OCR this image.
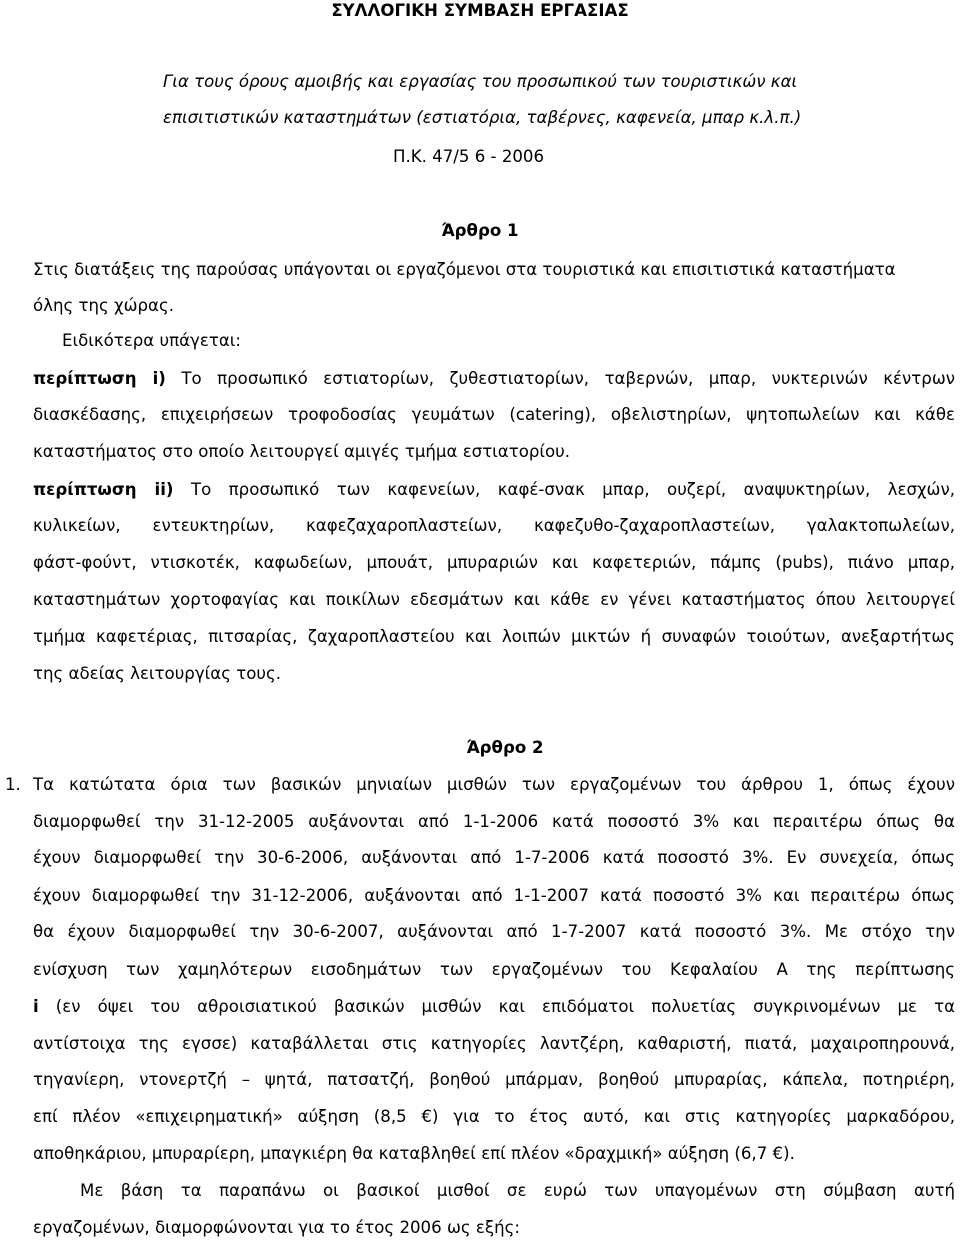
ΣΥΛΛΟΓΙΚΗ ΣΥΜΒΑΣΗ ΕΡΓΑΣΙΑΣ
Για τους όρους αμοιβής και εργασίας του προσωπικού των τουριστικών και
επισιτιστικών καταστημάτων (εστιατόρια, ταβέρνες, καφενεία, μπαρ κ.λ.π.)
Π.Κ. 47/5 6 - 2006
Άρθρο 1
Στις διατάξεις της παρούσας υπάγονται οι εργαζόμενοι στα τουριστικά και επισιτιστικά καταστήματα
όλης της χώρας.
Ειδικότερα υπάγεται:
περίπτωση i) Το προσωπικό εστιατορίων, ζυθεστιατορίων, ταβερνών, μπαρ, νυκτερινών κέντρων
διασκέδασης, επιχειρήσεων τροφοδοσίας γευμάτων (catering), οβελιστηρίων, ψητοπωλείων και κάθε
καταστήματος στο οποίο λειτουργεί αμιγές τμήμα εστιατορίου.
περίπτωση ii) Το προσωπικό των καφενείων, καφέ-σνακ μπαρ, ουζερί, αναψυκτηρίων, λεσχών,
κυλικείων, εντευκτηρίων, καφεζαχαροπλαστείων, καφεζυθο-ζαχαροπλαστείων, γαλακτοπωλείων,
φάστ-φούντ, ντισκοτέκ, καφωδείων, μπουάτ, μπυραριών και καφετεριών, πάμπς (pubs), πιάνο μπαρ,
καταστημάτων χορτοφαγίας και ποικίλων εδεσμάτων και κάθε εν γένει καταστήματος όπου λειτουργεί
τμήμα καφετέριας, πιτσαρίας, ζαχαροπλαστείου και λοιπών μικτών ή συναφών τοιούτων, ανεξαρτήτως
της αδείας λειτουργίας τους.
Άρθρο 2
1. Τα κατώτατα όρια των βασικών μηνιαίων μισθών των εργαζομένων του άρθρου 1, όπως έχουν
διαμορφωθεί την 31-12-2005 αυξάνονται από 1-1-2006 κατά ποσοστό 3% και περαιτέρω όπως θα
έχουν διαμορφωθεί την 30-6-2006, αυξάνονται από 1-7-2006 κατά ποσοστό 3%. Εν συνεχεία, όπως
έχουν διαμορφωθεί την 31-12-2006, αυξάνονται από 1-1-2007 κατά ποσοστό 3% και περαιτέρω όπως
θα έχουν διαμορφωθεί την 30-6-2007, αυξάνονται από 1-7-2007 κατά ποσοστό 3%. Με στόχο την
ενίσχυση των χαμηλότερων εισοδημάτων των εργαζομένων του Κεφαλαίου Α της περίπτωσης
i (εν όψει του αθροισιατικού βασικών μισθών και επιδόματοι πολυετίας συγκρινομένων με τα
αντίστοιχα της εγσσε) καταβάλλεται στις κατηγορίες λαντζέρη, καθαριστή, πιατά, μαχαιροπηρουνά,
τηγανίερη, ντονερτζή – ψητά, πατσατζή, βοηθού μπάρμαν, βοηθού μπυραρίας, κάπελα, ποτηριέρη,
επί πλέον «επιχειρηματική» αύξηση (8,5 €) για το έτος αυτό, και στις κατηγορίες μαρκαδόρου,
αποθηκάριου, μπυραρίερη, μπαγκιέρη θα καταβληθεί επί πλέον «δραχμική» αύξηση (6,7 €).
Με βάση τα παραπάνω οι βασικοί μισθοί σε ευρώ των υπαγομένων στη σύμβαση αυτή
εργαζομένων, διαμορφώνονται για το έτος 2006 ως εξής:
